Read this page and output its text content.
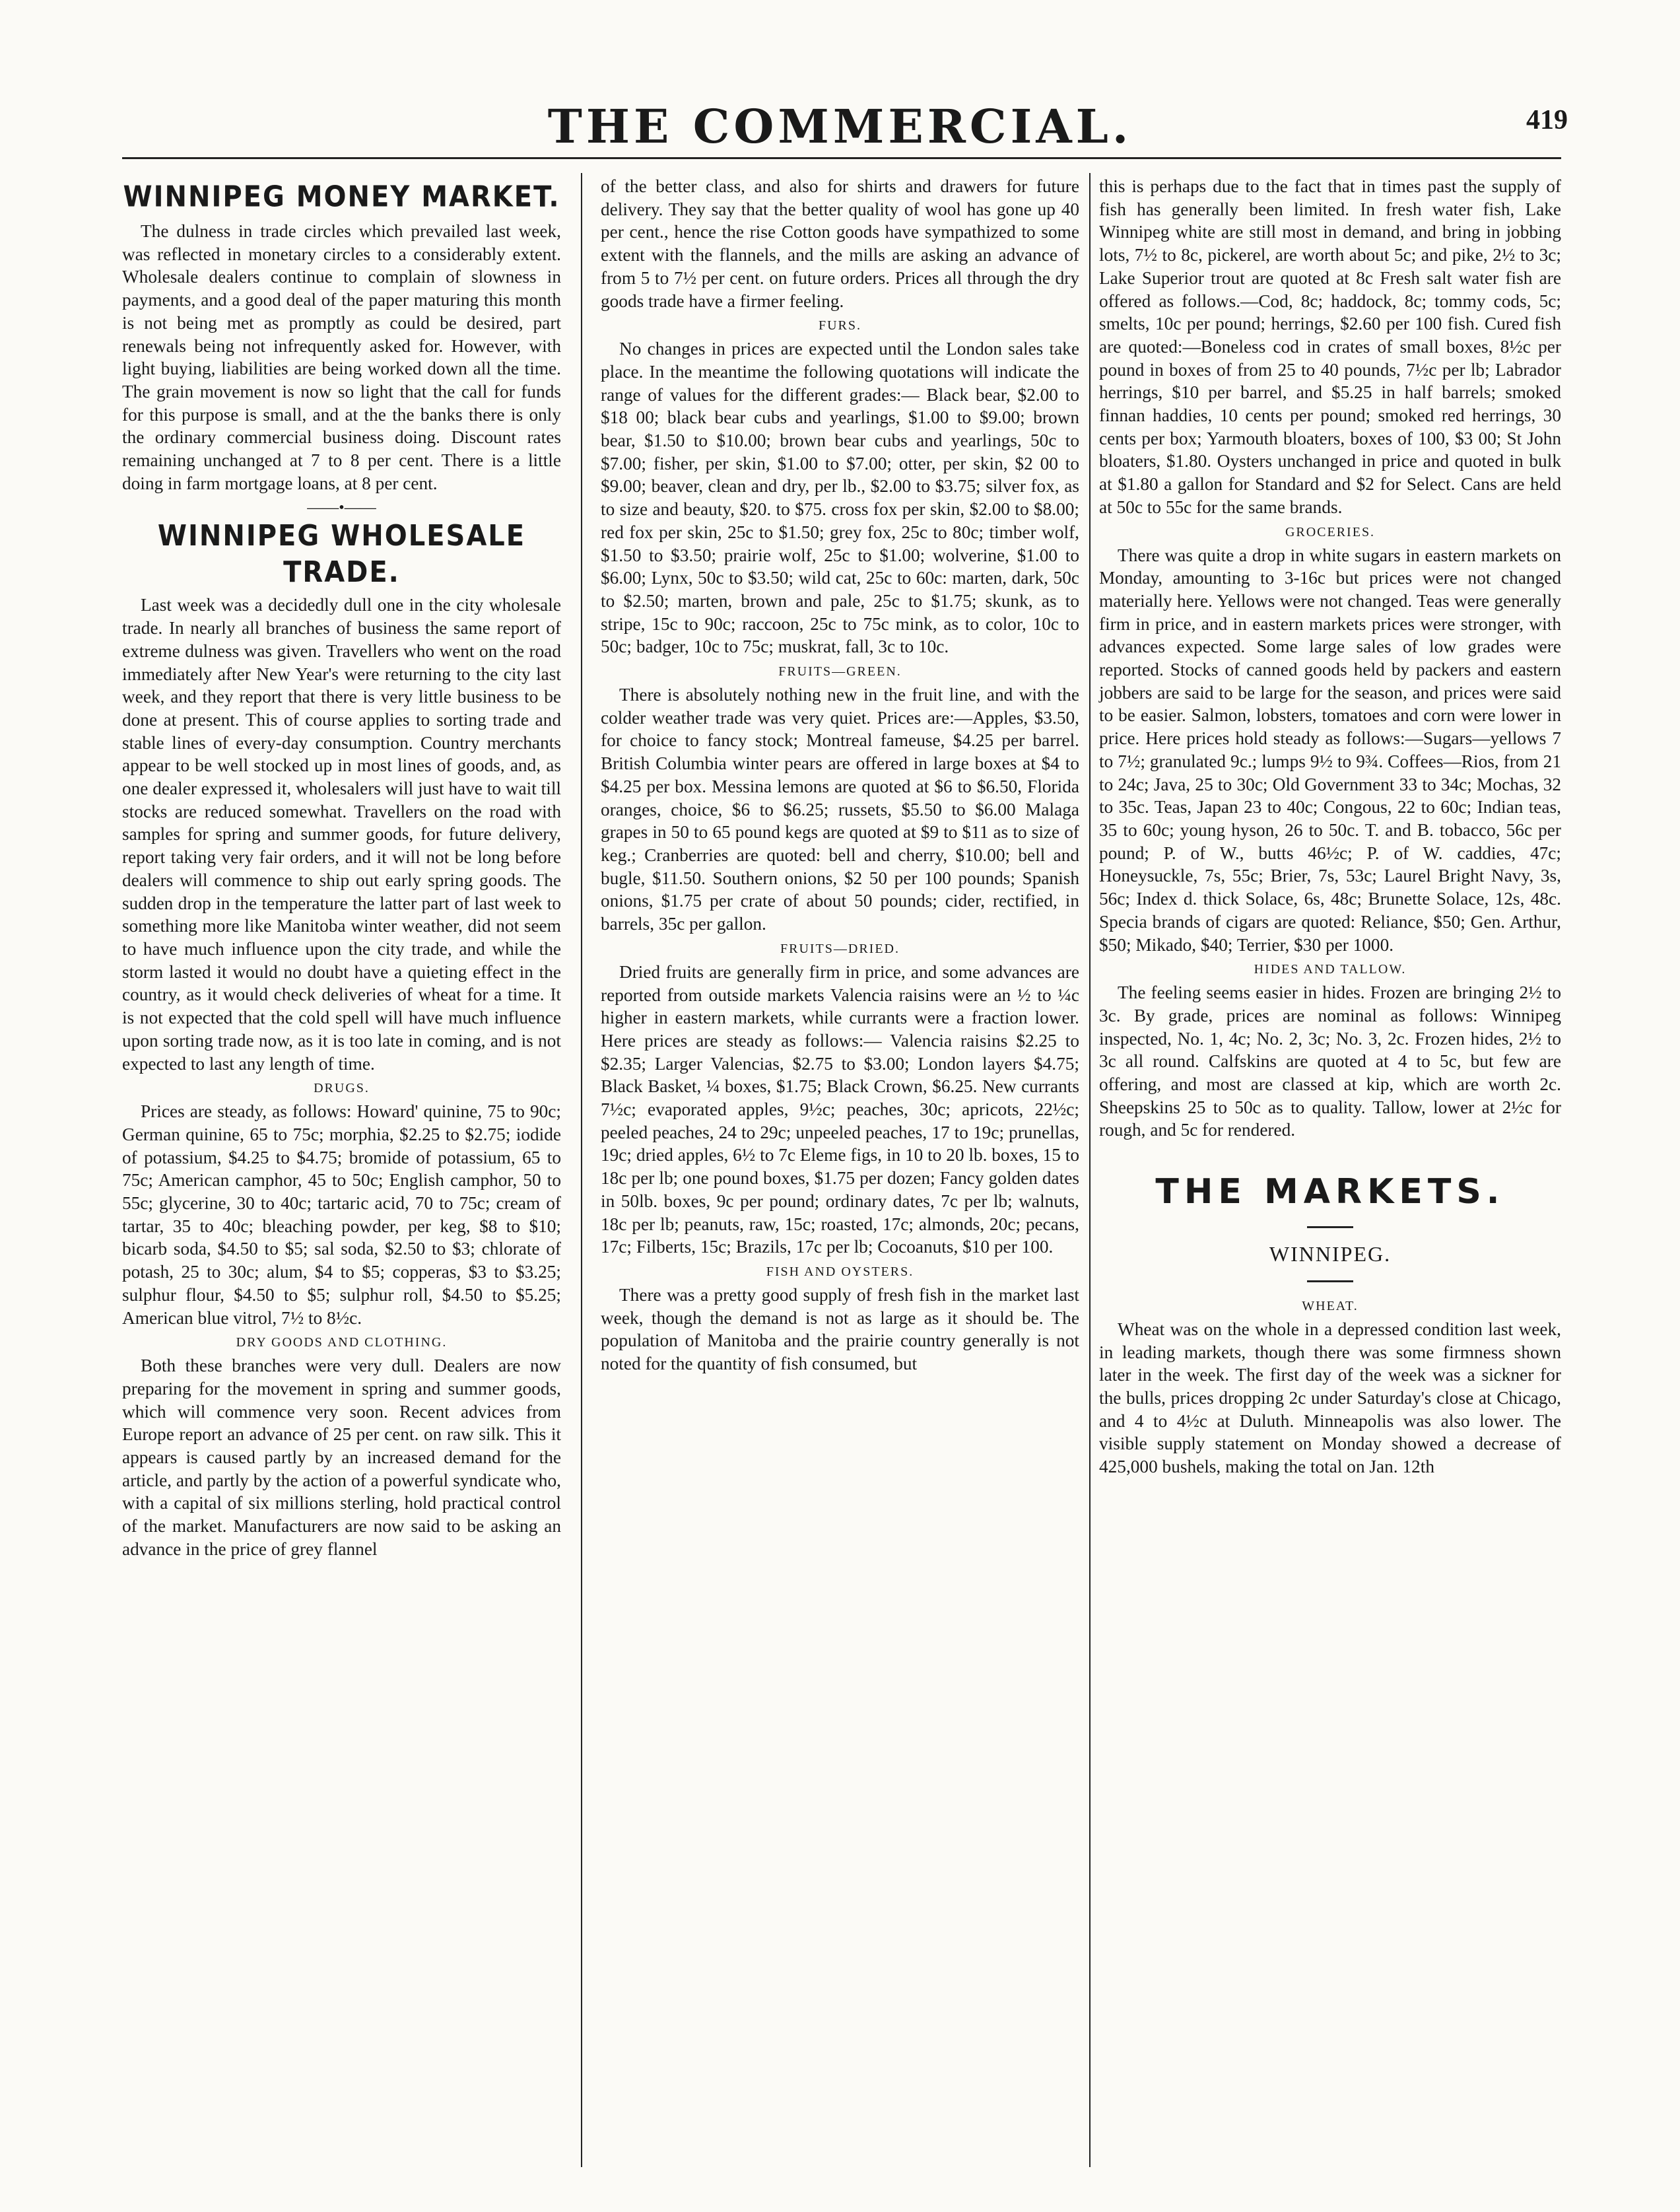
THE COMMERCIAL.	419
WINNIPEG MONEY MARKET.

The dulness in trade circles which prevailed last week, was reflected in monetary circles to a considerably extent. Wholesale dealers continue to complain of slowness in payments, and a good deal of the paper maturing this month is not being met as promptly as could be desired, part renewals being not infrequently asked for. However, with light buying, liabilities are being worked down all the time. The grain movement is now so light that the call for funds for this purpose is small, and at the the banks there is only the ordinary commercial business doing. Discount rates remaining unchanged at 7 to 8 per cent. There is a little doing in farm mortgage loans, at 8 per cent.

——•——
WINNIPEG WHOLESALE TRADE.

Last week was a decidedly dull one in the city wholesale trade. In nearly all branches of business the same report of extreme dulness was given. Travellers who went on the road immediately after New Year's were returning to the city last week, and they report that there is very little business to be done at present. This of course applies to sorting trade and stable lines of every-day consumption. Country merchants appear to be well stocked up in most lines of goods, and, as one dealer expressed it, wholesalers will just have to wait till stocks are reduced somewhat. Travellers on the road with samples for spring and summer goods, for future delivery, report taking very fair orders, and it will not be long before dealers will commence to ship out early spring goods. The sudden drop in the temperature the latter part of last week to something more like Manitoba winter weather, did not seem to have much influence upon the city trade, and while the storm lasted it would no doubt have a quieting effect in the country, as it would check deliveries of wheat for a time. It is not expected that the cold spell will have much influence upon sorting trade now, as it is too late in coming, and is not expected to last any length of time.

DRUGS.

Prices are steady, as follows: Howard' quinine, 75 to 90c; German quinine, 65 to 75c; morphia, $2.25 to $2.75; iodide of potassium, $4.25 to $4.75; bromide of potassium, 65 to 75c; American camphor, 45 to 50c; English camphor, 50 to 55c; glycerine, 30 to 40c; tartaric acid, 70 to 75c; cream of tartar, 35 to 40c; bleaching powder, per keg, $8 to $10; bicarb soda, $4.50 to $5; sal soda, $2.50 to $3; chlorate of potash, 25 to 30c; alum, $4 to $5; copperas, $3 to $3.25; sulphur flour, $4.50 to $5; sulphur roll, $4.50 to $5.25; American blue vitrol, 7½ to 8½c.

DRY GOODS AND CLOTHING.

Both these branches were very dull. Dealers are now preparing for the movement in spring and summer goods, which will commence very soon. Recent advices from Europe report an advance of 25 per cent. on raw silk. This it appears is caused partly by an increased demand for the article, and partly by the action of a powerful syndicate who, with a capital of six millions sterling, hold practical control of the market. Manufacturers are now said to be asking an advance in the price of grey flannel

of the better class, and also for shirts and drawers for future delivery. They say that the better quality of wool has gone up 40 per cent., hence the rise Cotton goods have sympathized to some extent with the flannels, and the mills are asking an advance of from 5 to 7½ per cent. on future orders. Prices all through the dry goods trade have a firmer feeling.

FURS.

No changes in prices are expected until the London sales take place. In the meantime the following quotations will indicate the range of values for the different grades:— Black bear, $2.00 to $18 00; black bear cubs and yearlings, $1.00 to $9.00; brown bear, $1.50 to $10.00; brown bear cubs and yearlings, 50c to $7.00; fisher, per skin, $1.00 to $7.00; otter, per skin, $2 00 to $9.00; beaver, clean and dry, per lb., $2.00 to $3.75; silver fox, as to size and beauty, $20. to $75. cross fox per skin, $2.00 to $8.00; red fox per skin, 25c to $1.50; grey fox, 25c to 80c; timber wolf, $1.50 to $3.50; prairie wolf, 25c to $1.00; wolverine, $1.00 to $6.00; Lynx, 50c to $3.50; wild cat, 25c to 60c: marten, dark, 50c to $2.50; marten, brown and pale, 25c to $1.75; skunk, as to stripe, 15c to 90c; raccoon, 25c to 75c mink, as to color, 10c to 50c; badger, 10c to 75c; muskrat, fall, 3c to 10c.

FRUITS—GREEN.

There is absolutely nothing new in the fruit line, and with the colder weather trade was very quiet. Prices are:—Apples, $3.50, for choice to fancy stock; Montreal fameuse, $4.25 per barrel. British Columbia winter pears are offered in large boxes at $4 to $4.25 per box. Messina lemons are quoted at $6 to $6.50, Florida oranges, choice, $6 to $6.25; russets, $5.50 to $6.00 Malaga grapes in 50 to 65 pound kegs are quoted at $9 to $11 as to size of keg.; Cranberries are quoted: bell and cherry, $10.00; bell and bugle, $11.50. Southern onions, $2 50 per 100 pounds; Spanish onions, $1.75 per crate of about 50 pounds; cider, rectified, in barrels, 35c per gallon.

FRUITS—DRIED.

Dried fruits are generally firm in price, and some advances are reported from outside markets Valencia raisins were an ½ to ¼c higher in eastern markets, while currants were a fraction lower. Here prices are steady as follows:— Valencia raisins $2.25 to $2.35; Larger Valencias, $2.75 to $3.00; London layers $4.75; Black Basket, ¼ boxes, $1.75; Black Crown, $6.25. New currants 7½c; evaporated apples, 9½c; peaches, 30c; apricots, 22½c; peeled peaches, 24 to 29c; unpeeled peaches, 17 to 19c; prunellas, 19c; dried apples, 6½ to 7c Eleme figs, in 10 to 20 lb. boxes, 15 to 18c per lb; one pound boxes, $1.75 per dozen; Fancy golden dates in 50lb. boxes, 9c per pound; ordinary dates, 7c per lb; walnuts, 18c per lb; peanuts, raw, 15c; roasted, 17c; almonds, 20c; pecans, 17c; Filberts, 15c; Brazils, 17c per lb; Cocoanuts, $10 per 100.

FISH AND OYSTERS.

There was a pretty good supply of fresh fish in the market last week, though the demand is not as large as it should be. The population of Manitoba and the prairie country generally is not noted for the quantity of fish consumed, but

this is perhaps due to the fact that in times past the supply of fish has generally been limited. In fresh water fish, Lake Winnipeg white are still most in demand, and bring in jobbing lots, 7½ to 8c, pickerel, are worth about 5c; and pike, 2½ to 3c; Lake Superior trout are quoted at 8c Fresh salt water fish are offered as follows.—Cod, 8c; haddock, 8c; tommy cods, 5c; smelts, 10c per pound; herrings, $2.60 per 100 fish. Cured fish are quoted:—Boneless cod in crates of small boxes, 8½c per pound in boxes of from 25 to 40 pounds, 7½c per lb; Labrador herrings, $10 per barrel, and $5.25 in half barrels; smoked finnan haddies, 10 cents per pound; smoked red herrings, 30 cents per box; Yarmouth bloaters, boxes of 100, $3 00; St John bloaters, $1.80. Oysters unchanged in price and quoted in bulk at $1.80 a gallon for Standard and $2 for Select. Cans are held at 50c to 55c for the same brands.

GROCERIES.

There was quite a drop in white sugars in eastern markets on Monday, amounting to 3-16c but prices were not changed materially here. Yellows were not changed. Teas were generally firm in price, and in eastern markets prices were stronger, with advances expected. Some large sales of low grades were reported. Stocks of canned goods held by packers and eastern jobbers are said to be large for the season, and prices were said to be easier. Salmon, lobsters, tomatoes and corn were lower in price. Here prices hold steady as follows:—Sugars—yellows 7 to 7½; granulated 9c.; lumps 9½ to 9¾. Coffees—Rios, from 21 to 24c; Java, 25 to 30c; Old Government 33 to 34c; Mochas, 32 to 35c. Teas, Japan 23 to 40c; Congous, 22 to 60c; Indian teas, 35 to 60c; young hyson, 26 to 50c. T. and B. tobacco, 56c per pound; P. of W., butts 46½c; P. of W. caddies, 47c; Honeysuckle, 7s, 55c; Brier, 7s, 53c; Laurel Bright Navy, 3s, 56c; Index d. thick Solace, 6s, 48c; Brunette Solace, 12s, 48c. Specia brands of cigars are quoted: Reliance, $50; Gen. Arthur, $50; Mikado, $40; Terrier, $30 per 1000.

HIDES AND TALLOW.

The feeling seems easier in hides. Frozen are bringing 2½ to 3c. By grade, prices are nominal as follows: Winnipeg inspected, No. 1, 4c; No. 2, 3c; No. 3, 2c. Frozen hides, 2½ to 3c all round. Calfskins are quoted at 4 to 5c, but few are offering, and most are classed at kip, which are worth 2c. Sheepskins 25 to 50c as to quality. Tallow, lower at 2½c for rough, and 5c for rendered.

THE MARKETS.
WINNIPEG.
WHEAT.

Wheat was on the whole in a depressed condition last week, in leading markets, though there was some firmness shown later in the week. The first day of the week was a sickner for the bulls, prices dropping 2c under Saturday's close at Chicago, and 4 to 4½c at Duluth. Minneapolis was also lower. The visible supply statement on Monday showed a decrease of 425,000 bushels, making the total on Jan. 12th
